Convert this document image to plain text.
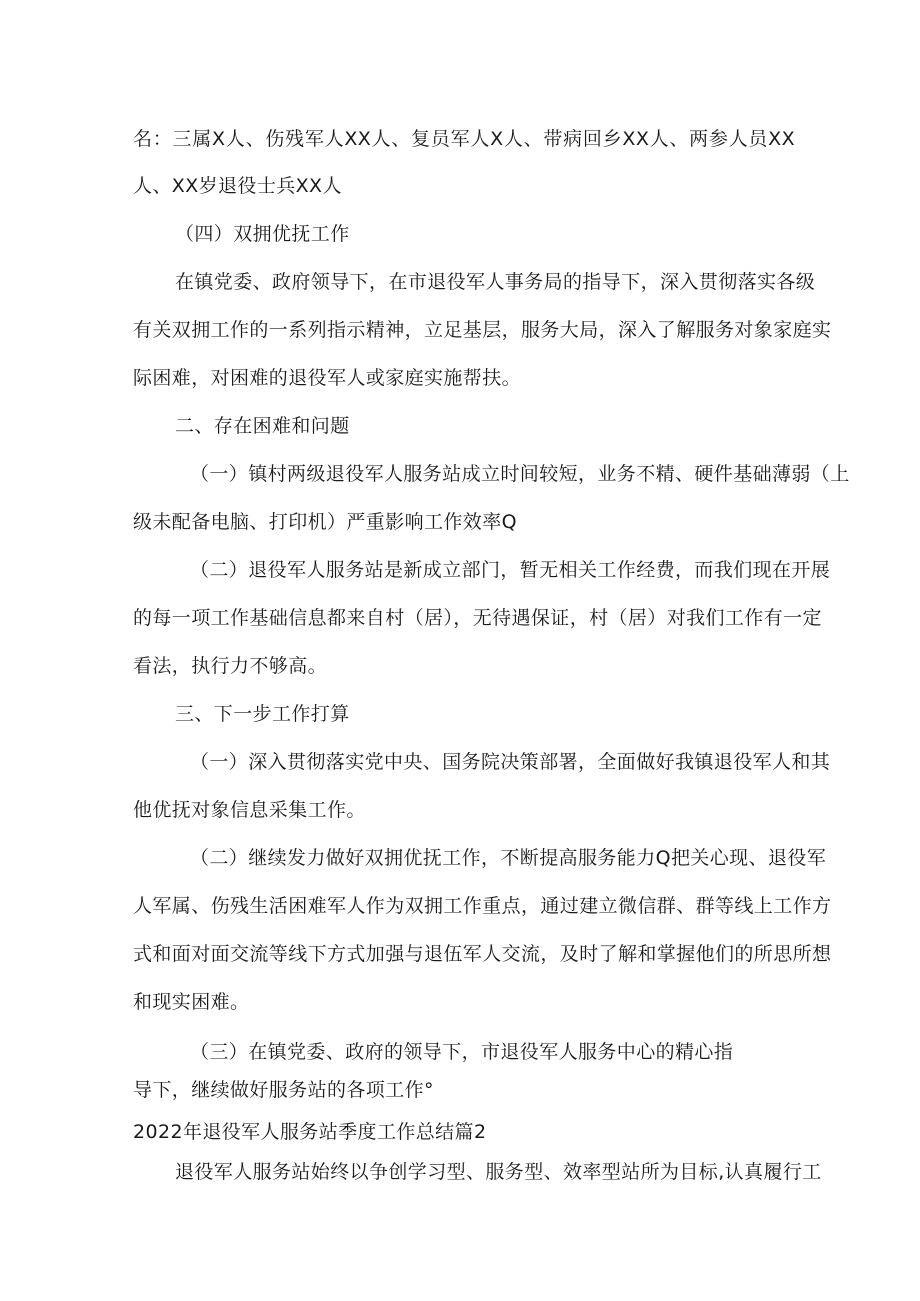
名：三属X人、伤残军人XX人、复员军人X人、带病回乡XX人、两参人员XX
人、XX岁退役士兵XX人
（四）双拥优抚工作
在镇党委、政府领导下，在市退役军人事务局的指导下，深入贯彻落实各级
有关双拥工作的一系列指示精神，立足基层，服务大局，深入了解服务对象家庭实
际困难，对困难的退役军人或家庭实施帮扶。
二、存在困难和问题
（一）镇村两级退役军人服务站成立时间较短，业务不精、硬件基础薄弱（上
级未配备电脑、打印机）严重影响工作效率Q
（二）退役军人服务站是新成立部门，暂无相关工作经费，而我们现在开展
的每一项工作基础信息都来自村（居），无待遇保证，村（居）对我们工作有一定
看法，执行力不够高。
三、下一步工作打算
（一）深入贯彻落实党中央、国务院决策部署，全面做好我镇退役军人和其
他优抚对象信息采集工作。
（二）继续发力做好双拥优抚工作，不断提高服务能力Q把关心现、退役军
人军属、伤残生活困难军人作为双拥工作重点，通过建立微信群、群等线上工作方
式和面对面交流等线下方式加强与退伍军人交流，及时了解和掌握他们的所思所想
和现实困难。
（三）在镇党委、政府的领导下，市退役军人服务中心的精心指
导下，继续做好服务站的各项工作°
2022年退役军人服务站季度工作总结篇2
退役军人服务站始终以争创学习型、服务型、效率型站所为目标,认真履行工
